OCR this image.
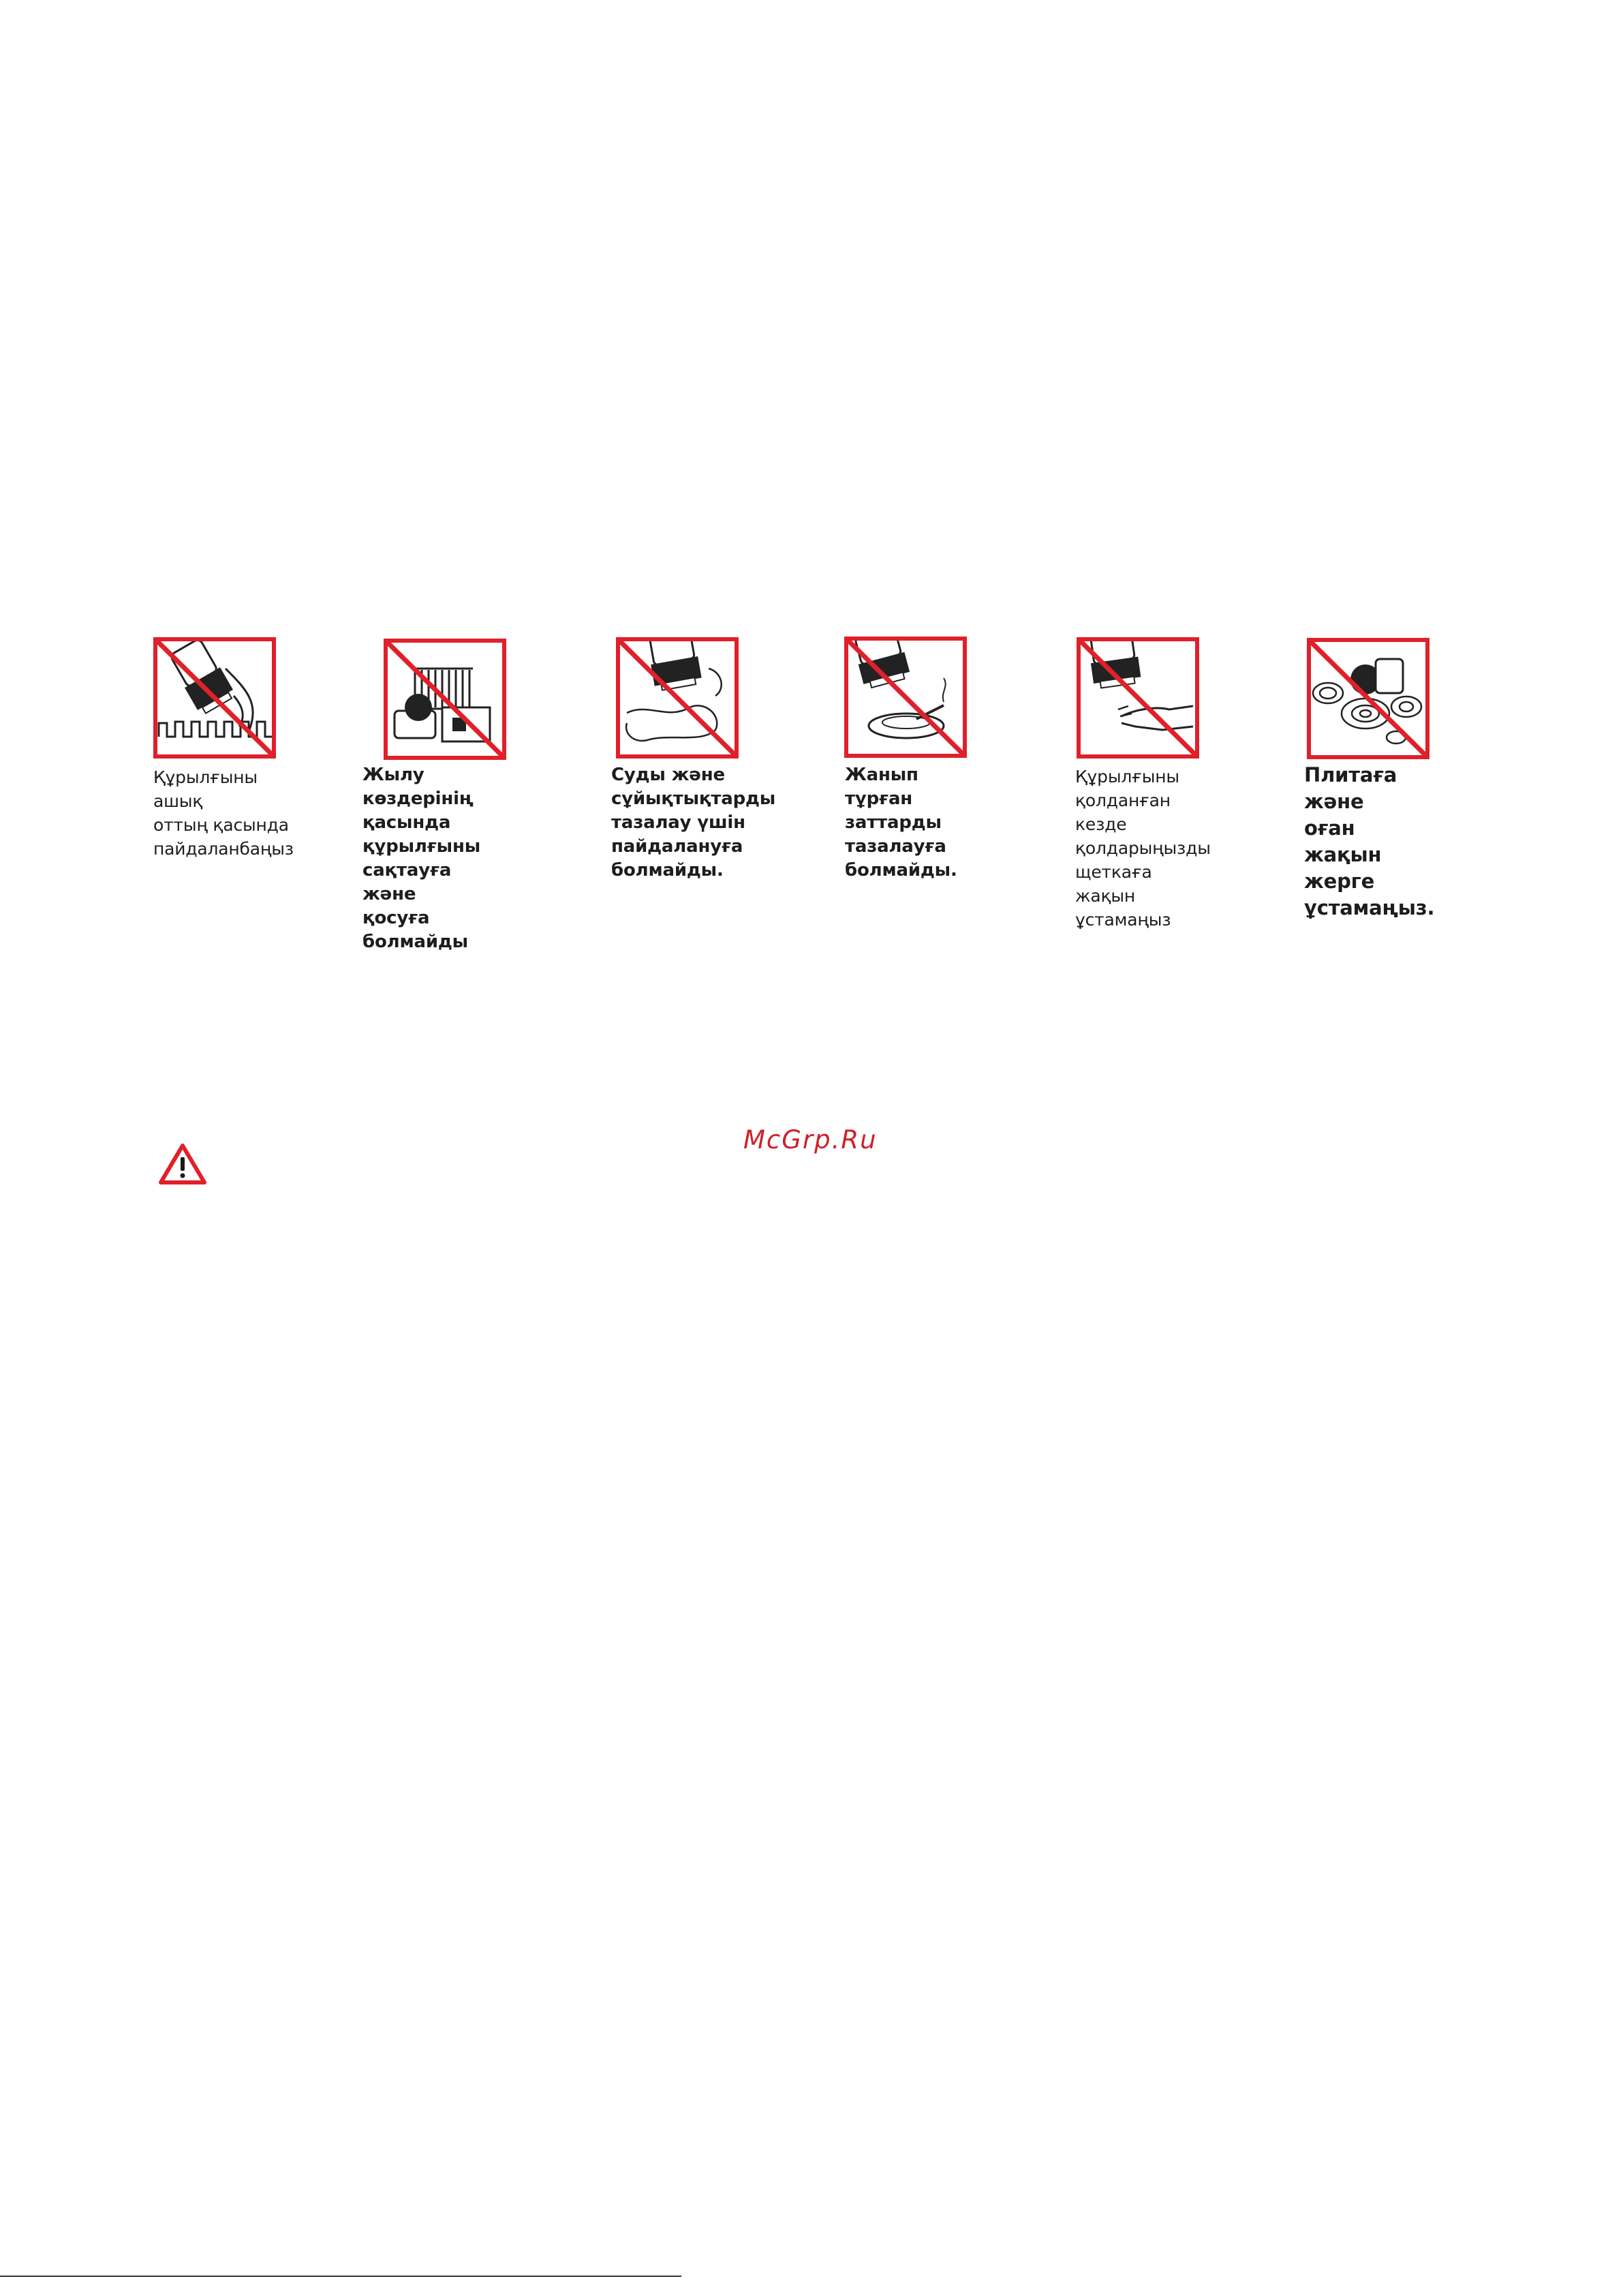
Құрылғыны ашық
оттың қасында
пайдаланбаңыз

Жылу көздерінің
қасында
құрылғыны
сақтауға және
қосуға болмайды

Суды және
сұйықтықтарды
тазалау үшін
пайдалануға
болмайды.

Жанып тұрған
заттарды тазалауға
болмайды.

Құрылғыны
қолданған кезде
қолдарыңызды
щеткаға жақын
ұстамаңыз

Плитаға және
оған жақын жерге
ұстамаңыз.

McGrp.Ru
